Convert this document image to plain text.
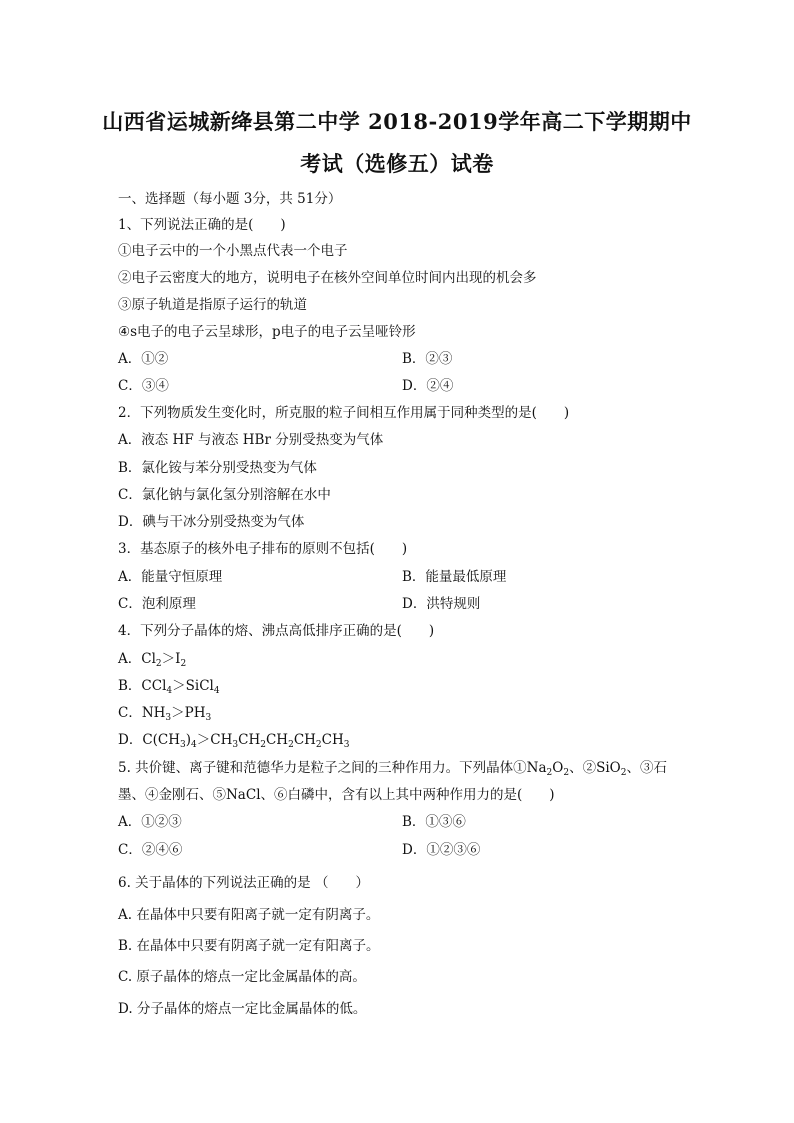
山西省运城新绛县第二中学 2018-2019学年高二下学期期中
考试（选修五）试卷
一、选择题（每小题 3分，共 51分）
1、下列说法正确的是(　　)
①电子云中的一个小黑点代表一个电子
②电子云密度大的地方，说明电子在核外空间单位时间内出现的机会多
③原子轨道是指原子运行的轨道
④s电子的电子云呈球形，p电子的电子云呈哑铃形
A．①②	B．②③
C．③④	D．②④
2．下列物质发生变化时，所克服的粒子间相互作用属于同种类型的是(　　)
A．液态 HF 与液态 HBr 分别受热变为气体
B．氯化铵与苯分别受热变为气体
C．氯化钠与氯化氢分别溶解在水中
D．碘与干冰分别受热变为气体
3．基态原子的核外电子排布的原则不包括(　　)
A．能量守恒原理	B．能量最低原理
C．泡利原理	D．洪特规则
4．下列分子晶体的熔、沸点高低排序正确的是(　　)
A．$Cl_2>I_2$
B．CCl$_4$＞SiCl$_4$
C．$NH_3>PH_3$
D．$C(CH_3)_4>CH_3CH_2CH_2CH_2CH_3$
5. 共价键、离子键和范德华力是粒子之间的三种作用力。下列晶体$①Na_2O_2$、②SiO$_2$、③石
墨、④金刚石、⑤NaCl、⑥白磷中，含有以上其中两种作用力的是(　　)
A．①②③	B．①③⑥
C．②④⑥	D．①②③⑥
6. 关于晶体的下列说法正确的是 （　　）
A. 在晶体中只要有阳离子就一定有阴离子。
B. 在晶体中只要有阴离子就一定有阳离子。
C. 原子晶体的熔点一定比金属晶体的高。
D. 分子晶体的熔点一定比金属晶体的低。
